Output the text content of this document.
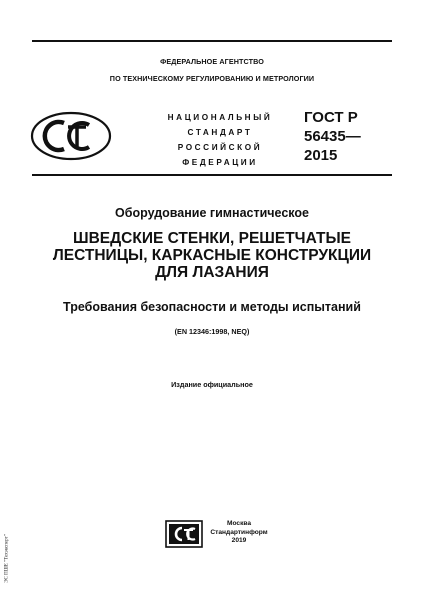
ФЕДЕРАЛЬНОЕ АГЕНТСТВО
ПО ТЕХНИЧЕСКОМУ РЕГУЛИРОВАНИЮ И МЕТРОЛОГИИ
НАЦИОНАЛЬНЫЙ
СТАНДАРТ
РОССИЙСКОЙ
ФЕДЕРАЦИИ
ГОСТ Р
56435—
2015
Оборудование гимнастическое
ШВЕДСКИЕ СТЕНКИ, РЕШЕТЧАТЫЕ
ЛЕСТНИЦЫ, КАРКАСНЫЕ КОНСТРУКЦИИ
ДЛЯ ЛАЗАНИЯ
Требования безопасности и методы испытаний
(EN 12346:1998, NEQ)
Издание официальное
Москва
Стандартинформ
2019
ЭС ПШЕ "Техэксперт"
